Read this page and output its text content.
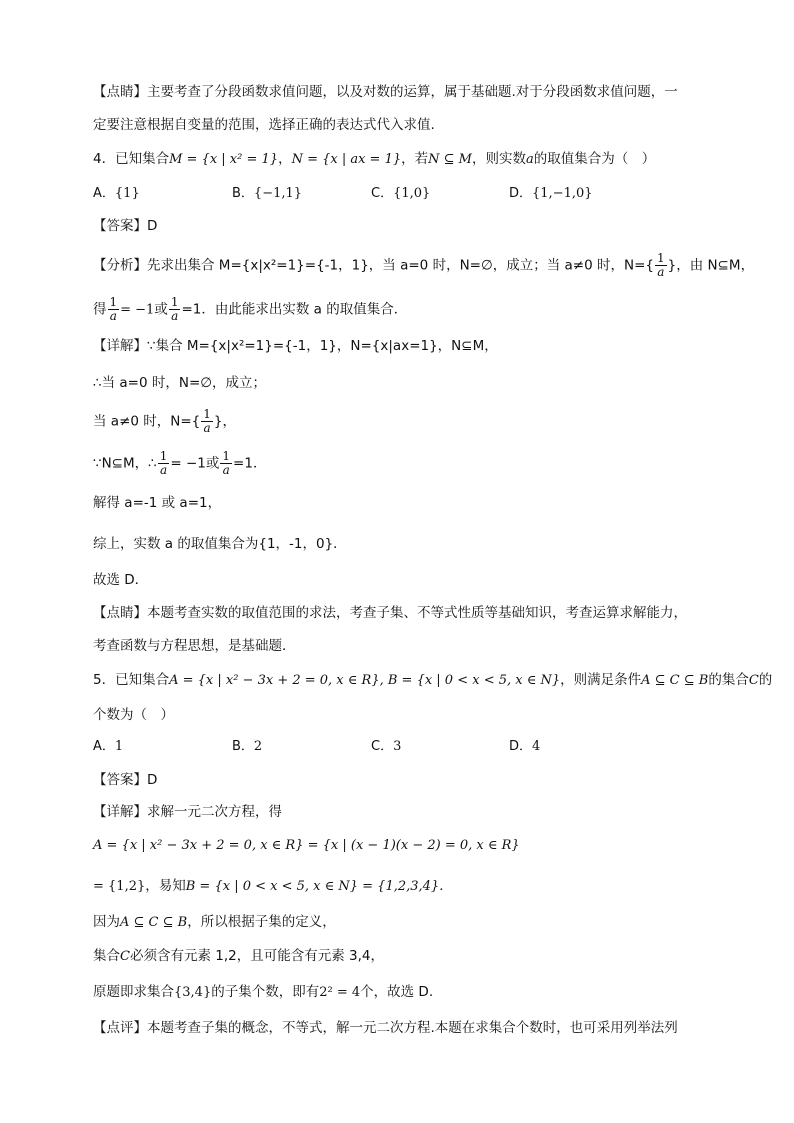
【点睛】主要考查了分段函数求值问题，以及对数的运算，属于基础题.对于分段函数求值问题，一
定要注意根据自变量的范围，选择正确的表达式代入求值.
4．已知集合M = {x | x² = 1}，N = {x | ax = 1}，若N ⊆ M，则实数a的取值集合为（　）
A．{1}	B．{−1,1}	C．{1,0}	D．{1,−1,0}
【答案】D
【分析】先求出集合 M={x|x²=1}={-1，1}，当 a=0 时，N=∅，成立；当 a≠0 时，$N=\{ \frac{1}{a}$ }，由 N⊆M，
得 $\frac{1}{a} = -1$或 $\frac{1}{a} =1$．由此能求出实数 a 的取值集合．
【详解】∵集合 M={x|x²=1}={-1，1}，N={x|ax=1}，N⊆M，
∴当 a=0 时，N=∅，成立；
当 a≠0 时，$N=\{ \frac{1}{a}$ }，
∵N⊆M，∴ $\frac{1}{a} = -1$或 $\frac{1}{a} =1$．
解得 a=-1 或 a=1，
综上，实数 a 的取值集合为{1，-1，0}．
故选 D．
【点睛】本题考查实数的取值范围的求法，考查子集、不等式性质等基础知识，考查运算求解能力，
考查函数与方程思想，是基础题．
5．已知集合A = {x | x² − 3x + 2 = 0, x ∈ R}, B = {x | 0 < x < 5, x ∈ N}，则满足条件A ⊆ C ⊆ B的集合C的
个数为（　）
A．1	B．2	C．3	D．4
【答案】D
【详解】求解一元二次方程，得
A = {x | x² − 3x + 2 = 0, x ∈ R} = {x | (x − 1)(x − 2) = 0, x ∈ R}
= {1,2}，易知B = {x | 0 < x < 5, x ∈ N} = {1,2,3,4}.
因为A ⊆ C ⊆ B，所以根据子集的定义，
集合C必须含有元素 1,2，且可能含有元素 3,4，
原题即求集合{3,4}的子集个数，即有2² = 4个，故选 D.
【点评】本题考查子集的概念，不等式，解一元二次方程.本题在求集合个数时，也可采用列举法列
